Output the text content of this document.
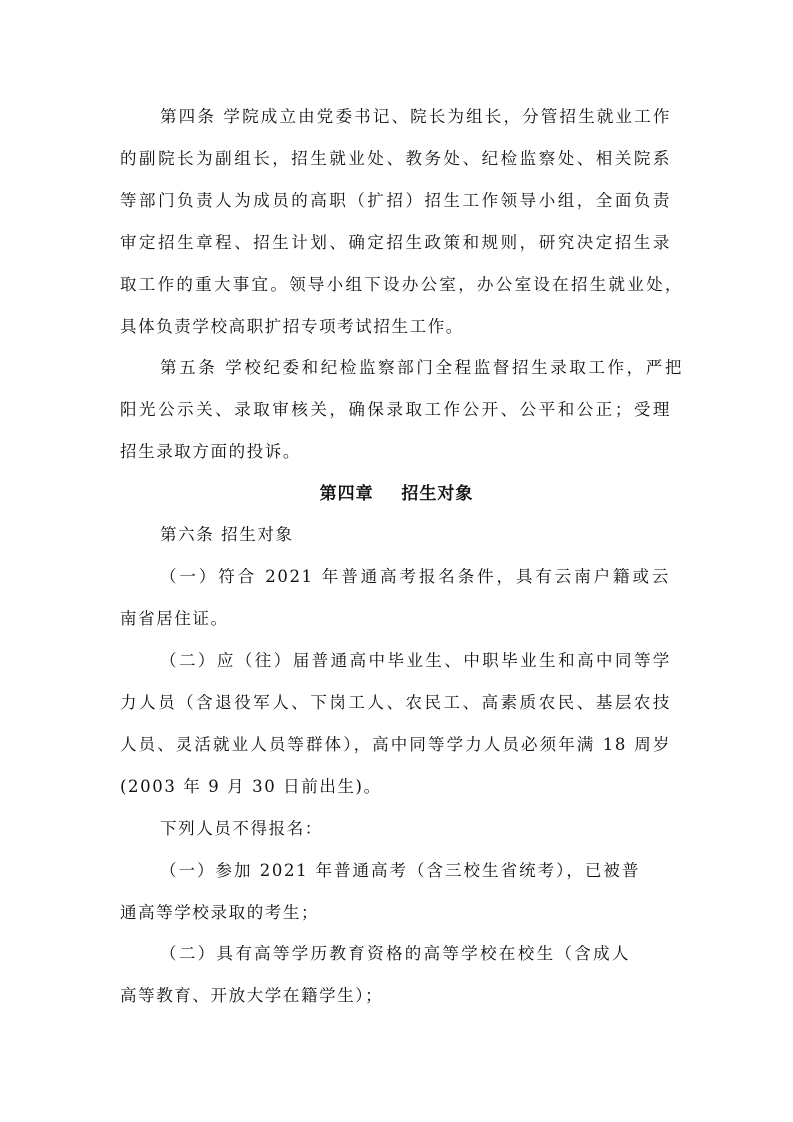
第四条 学院成立由党委书记、院长为组长，分管招生就业工作
的副院长为副组长，招生就业处、教务处、纪检监察处、相关院系
等部门负责人为成员的高职（扩招）招生工作领导小组，全面负责
审定招生章程、招生计划、确定招生政策和规则，研究决定招生录
取工作的重大事宜。领导小组下设办公室，办公室设在招生就业处，
具体负责学校高职扩招专项考试招生工作。
第五条 学校纪委和纪检监察部门全程监督招生录取工作，严把
阳光公示关、录取审核关，确保录取工作公开、公平和公正；受理
招生录取方面的投诉。
第四章    招生对象
第六条 招生对象
（一）符合 2021 年普通高考报名条件，具有云南户籍或云
南省居住证。
（二）应（往）届普通高中毕业生、中职毕业生和高中同等学
力人员（含退役军人、下岗工人、农民工、高素质农民、基层农技
人员、灵活就业人员等群体），高中同等学力人员必须年满 18 周岁
(2003 年 9 月 30 日前出生)。
下列人员不得报名：
（一）参加 2021 年普通高考（含三校生省统考），已被普
通高等学校录取的考生；
（二）具有高等学历教育资格的高等学校在校生（含成人
高等教育、开放大学在籍学生）；
